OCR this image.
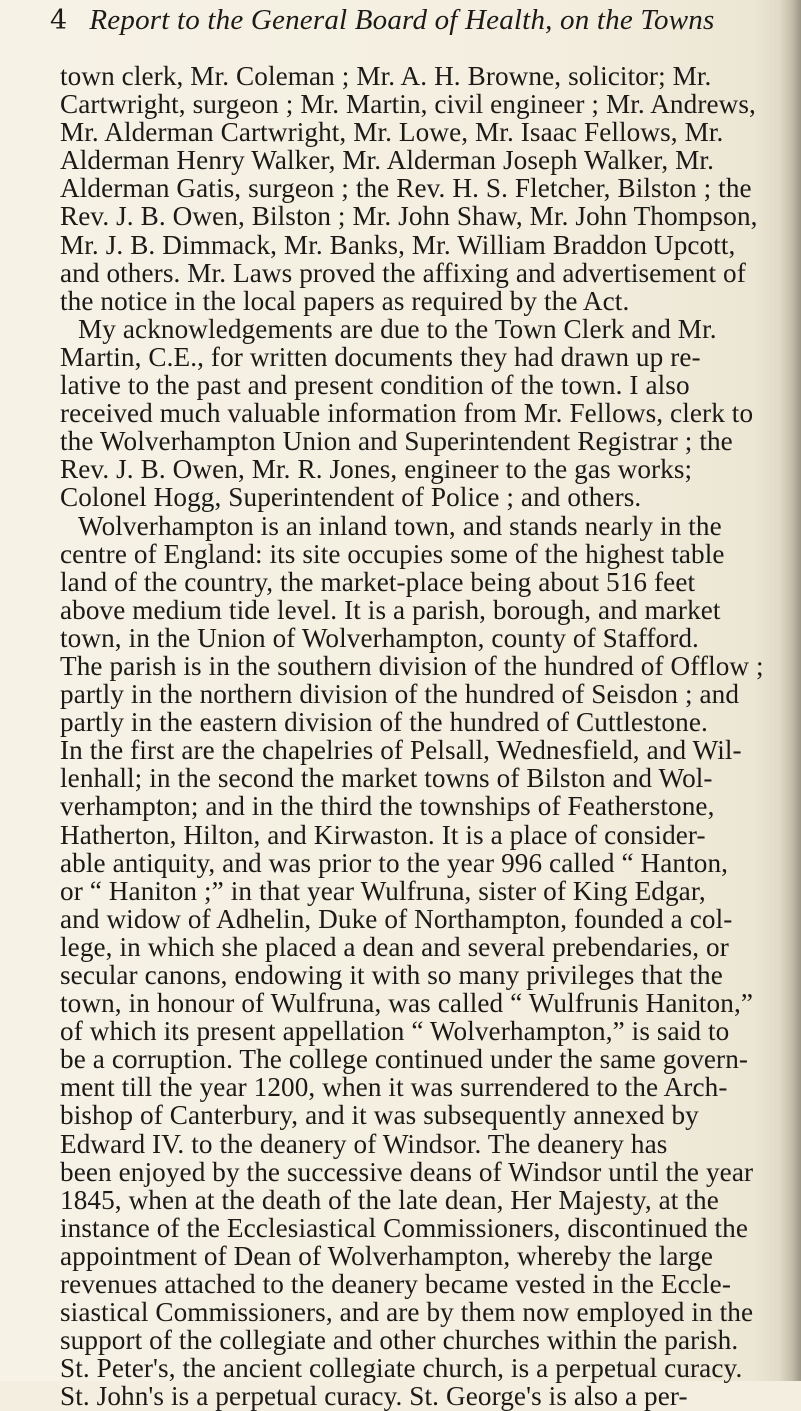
4 Report to the General Board of Health, on the Towns
town clerk, Mr. Coleman ; Mr. A. H. Browne, solicitor; Mr.
Cartwright, surgeon ; Mr. Martin, civil engineer ; Mr. Andrews,
Mr. Alderman Cartwright, Mr. Lowe, Mr. Isaac Fellows, Mr.
Alderman Henry Walker, Mr. Alderman Joseph Walker, Mr.
Alderman Gatis, surgeon ; the Rev. H. S. Fletcher, Bilston ; the
Rev. J. B. Owen, Bilston ; Mr. John Shaw, Mr. John Thompson,
Mr. J. B. Dimmack, Mr. Banks, Mr. William Braddon Upcott,
and others. Mr. Laws proved the affixing and advertisement of
the notice in the local papers as required by the Act.
My acknowledgements are due to the Town Clerk and Mr.
Martin, C.E., for written documents they had drawn up re-
lative to the past and present condition of the town. I also
received much valuable information from Mr. Fellows, clerk to
the Wolverhampton Union and Superintendent Registrar ; the
Rev. J. B. Owen, Mr. R. Jones, engineer to the gas works;
Colonel Hogg, Superintendent of Police ; and others.
Wolverhampton is an inland town, and stands nearly in the
centre of England: its site occupies some of the highest table
land of the country, the market-place being about 516 feet
above medium tide level. It is a parish, borough, and market
town, in the Union of Wolverhampton, county of Stafford.
The parish is in the southern division of the hundred of Offlow ;
partly in the northern division of the hundred of Seisdon ; and
partly in the eastern division of the hundred of Cuttlestone.
In the first are the chapelries of Pelsall, Wednesfield, and Wil-
lenhall; in the second the market towns of Bilston and Wol-
verhampton; and in the third the townships of Featherstone,
Hatherton, Hilton, and Kirwaston. It is a place of consider-
able antiquity, and was prior to the year 996 called “ Hanton,
or “ Haniton ;” in that year Wulfruna, sister of King Edgar,
and widow of Adhelin, Duke of Northampton, founded a col-
lege, in which she placed a dean and several prebendaries, or
secular canons, endowing it with so many privileges that the
town, in honour of Wulfruna, was called “ Wulfrunis Haniton,”
of which its present appellation “ Wolverhampton,” is said to
be a corruption. The college continued under the same govern-
ment till the year 1200, when it was surrendered to the Arch-
bishop of Canterbury, and it was subsequently annexed by
Edward IV. to the deanery of Windsor. The deanery has
been enjoyed by the successive deans of Windsor until the year
1845, when at the death of the late dean, Her Majesty, at the
instance of the Ecclesiastical Commissioners, discontinued the
appointment of Dean of Wolverhampton, whereby the large
revenues attached to the deanery became vested in the Eccle-
siastical Commissioners, and are by them now employed in the
support of the collegiate and other churches within the parish.
St. Peter's, the ancient collegiate church, is a perpetual curacy.
St. John's is a perpetual curacy. St. George's is also a per-
